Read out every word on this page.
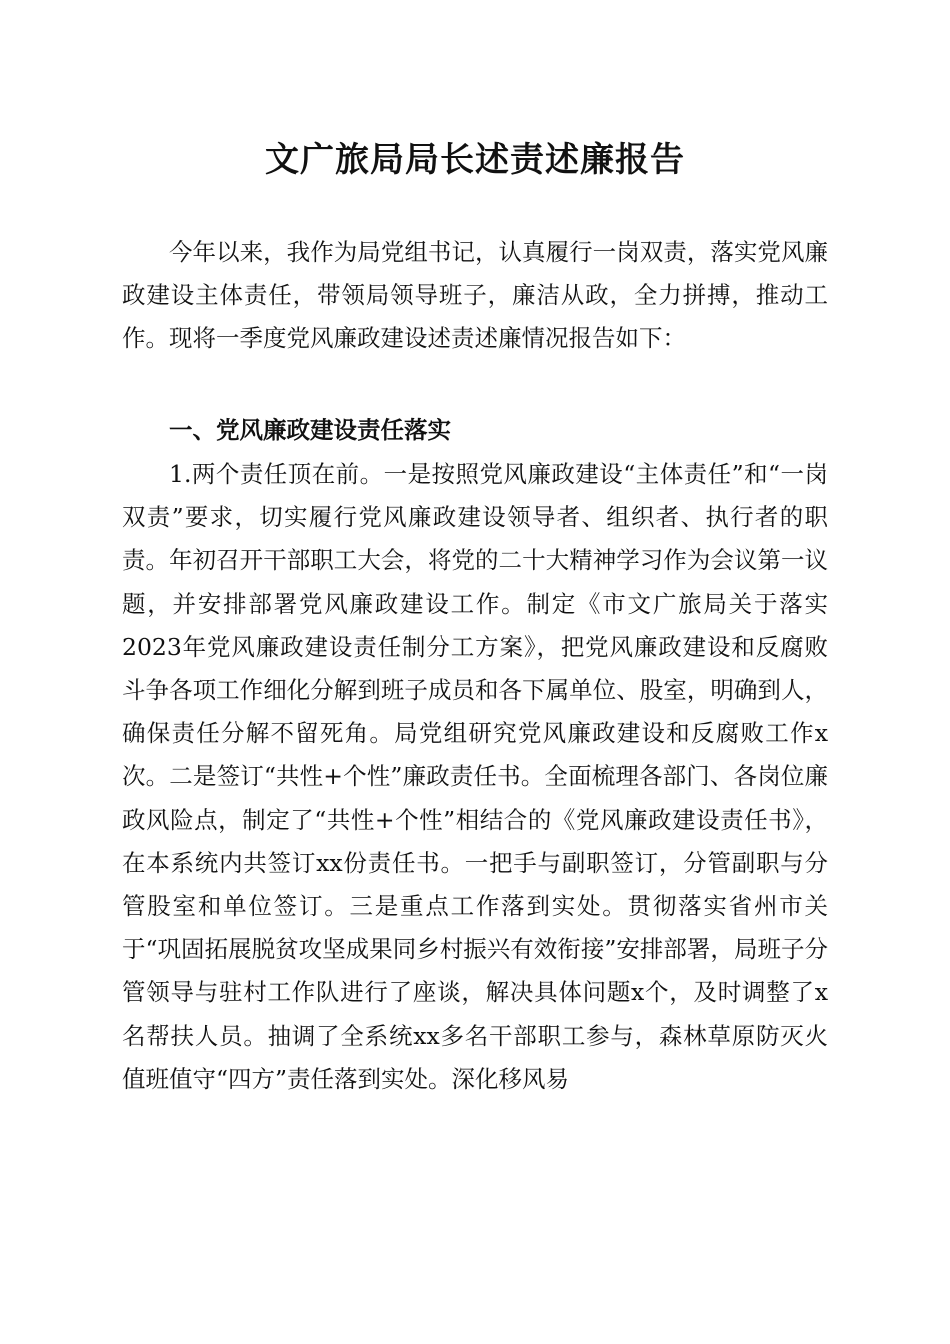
文广旅局局长述责述廉报告

今年以来，我作为局党组书记，认真履行一岗双责，落实党风廉政建设主体责任，带领局领导班子，廉洁从政，全力拼搏，推动工作。现将一季度党风廉政建设述责述廉情况报告如下：

一、党风廉政建设责任落实

1.两个责任顶在前。一是按照党风廉政建设“主体责任”和“一岗双责”要求，切实履行党风廉政建设领导者、组织者、执行者的职责。年初召开干部职工大会，将党的二十大精神学习作为会议第一议题，并安排部署党风廉政建设工作。制定《市文广旅局关于落实2023年党风廉政建设责任制分工方案》，把党风廉政建设和反腐败斗争各项工作细化分解到班子成员和各下属单位、股室，明确到人，确保责任分解不留死角。局党组研究党风廉政建设和反腐败工作x次。二是签订“共性+个性”廉政责任书。全面梳理各部门、各岗位廉政风险点，制定了“共性+个性”相结合的《党风廉政建设责任书》，在本系统内共签订xx份责任书。一把手与副职签订，分管副职与分管股室和单位签订。三是重点工作落到实处。贯彻落实省州市关于“巩固拓展脱贫攻坚成果同乡村振兴有效衔接”安排部署，局班子分管领导与驻村工作队进行了座谈，解决具体问题x个，及时调整了x名帮扶人员。抽调了全系统xx多名干部职工参与，森林草原防灭火值班值守“四方”责任落到实处。深化移风易
